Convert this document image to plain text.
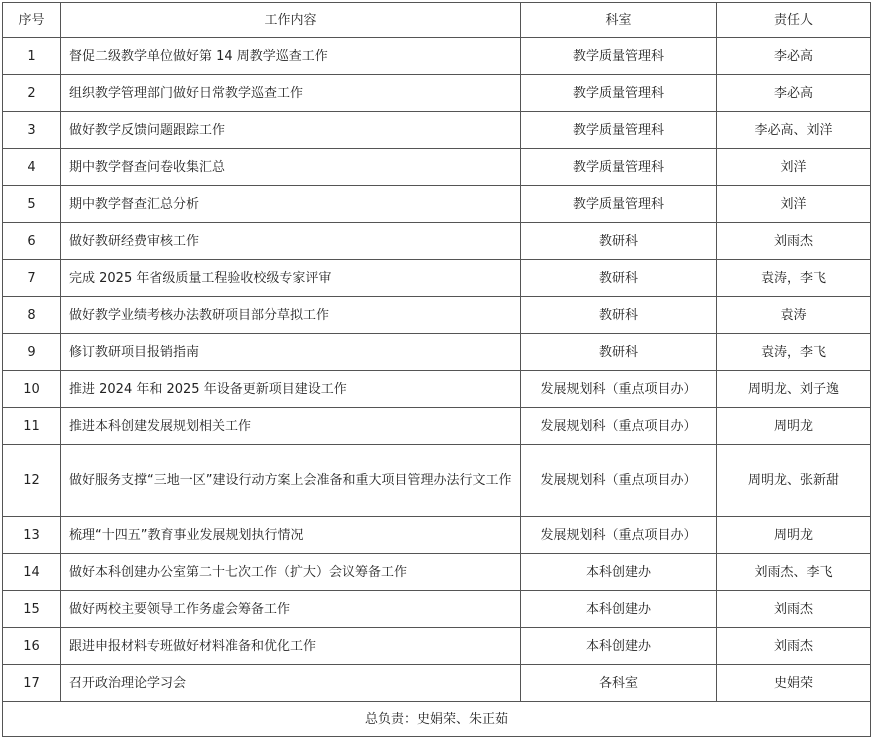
序号	工作内容	科室	责任人
1	督促二级教学单位做好第 14 周教学巡查工作	教学质量管理科	李必高
2	组织教学管理部门做好日常教学巡查工作	教学质量管理科	李必高
3	做好教学反馈问题跟踪工作	教学质量管理科	李必高、刘洋
4	期中教学督查问卷收集汇总	教学质量管理科	刘洋
5	期中教学督查汇总分析	教学质量管理科	刘洋
6	做好教研经费审核工作	教研科	刘雨杰
7	完成 2025 年省级质量工程验收校级专家评审	教研科	袁涛，李飞
8	做好教学业绩考核办法教研项目部分草拟工作	教研科	袁涛
9	修订教研项目报销指南	教研科	袁涛，李飞
10	推进 2024 年和 2025 年设备更新项目建设工作	发展规划科（重点项目办）	周明龙、刘子逸
11	推进本科创建发展规划相关工作	发展规划科（重点项目办）	周明龙
12	做好服务支撑“三地一区”建设行动方案上会准备和重大项目管理办法行文工作	发展规划科（重点项目办）	周明龙、张新甜
13	梳理“十四五”教育事业发展规划执行情况	发展规划科（重点项目办）	周明龙
14	做好本科创建办公室第二十七次工作（扩大）会议筹备工作	本科创建办	刘雨杰、李飞
15	做好两校主要领导工作务虚会筹备工作	本科创建办	刘雨杰
16	跟进申报材料专班做好材料准备和优化工作	本科创建办	刘雨杰
17	召开政治理论学习会	各科室	史娟荣
总负责：史娟荣、朱正茹			
